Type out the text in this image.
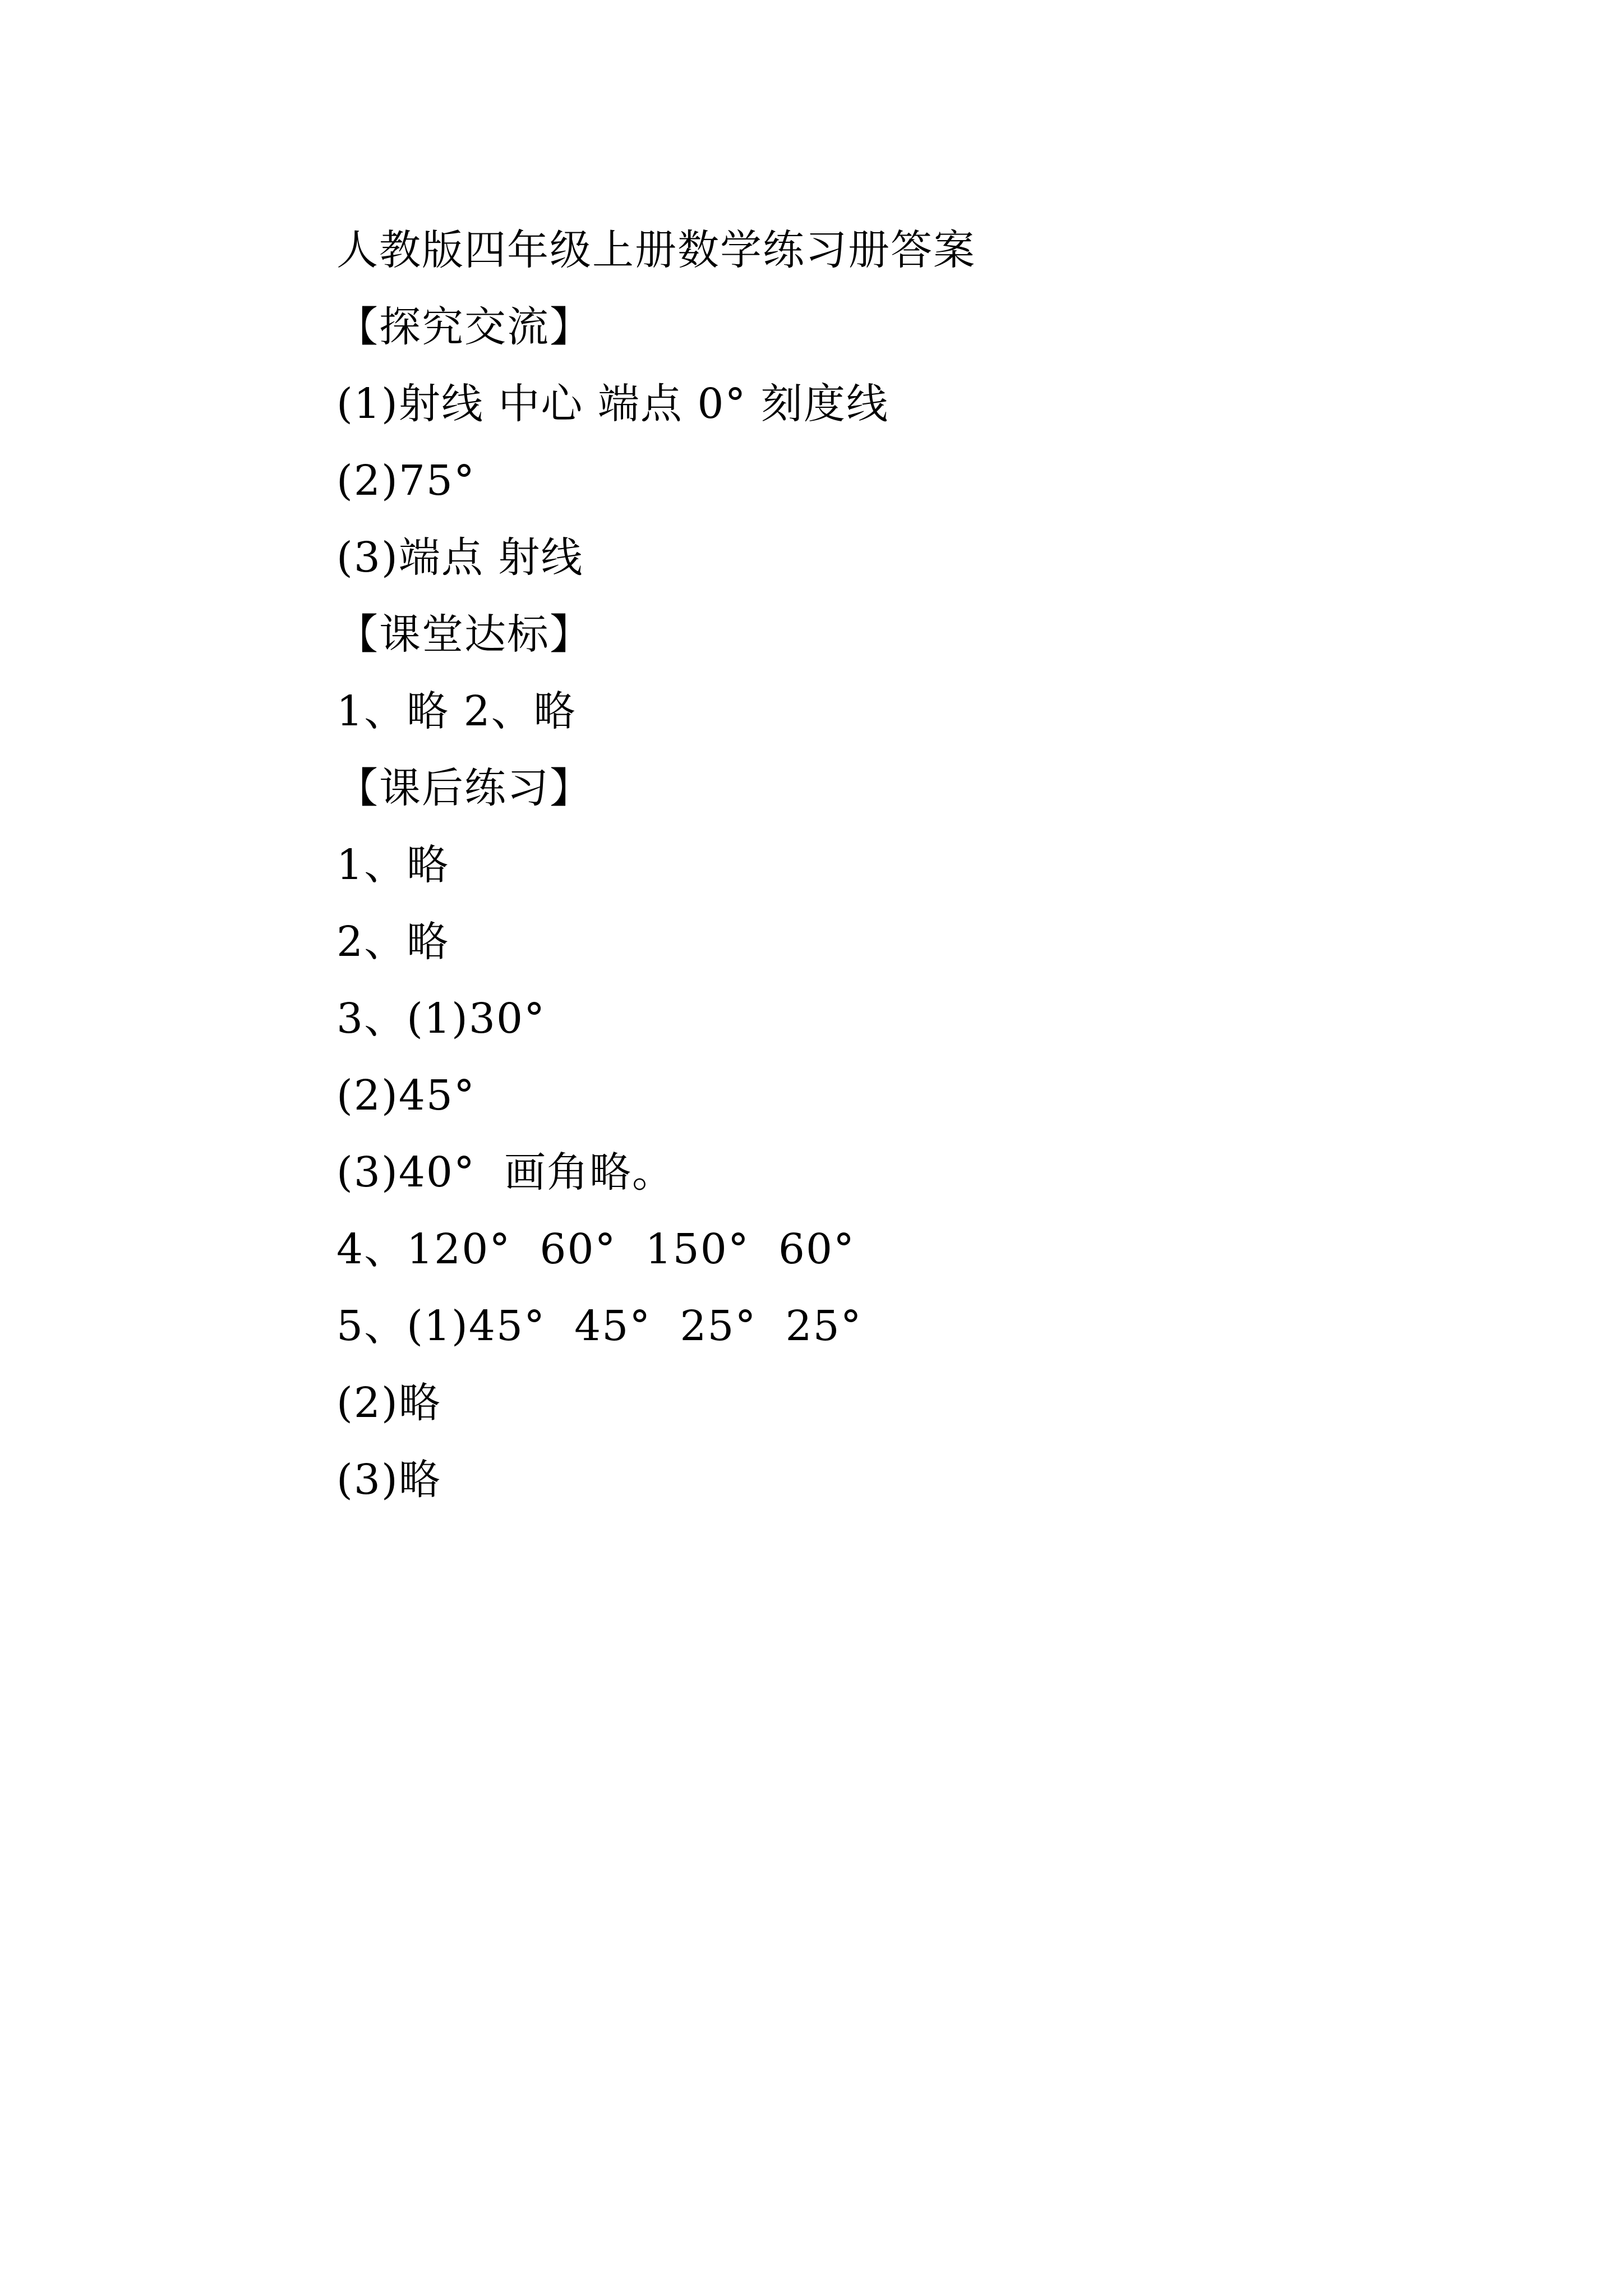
人教版四年级上册数学练习册答案
【探究交流】
(1)射线 中心 端点 0° 刻度线
(2)75°
(3)端点 射线
【课堂达标】
1、略 2、略
【课后练习】
1、略
2、略
3、(1)30°
(2)45°
(3)40°  画角略。
4、120°  60°  150°  60°
5、(1)45°  45°  25°  25°
(2)略
(3)略
